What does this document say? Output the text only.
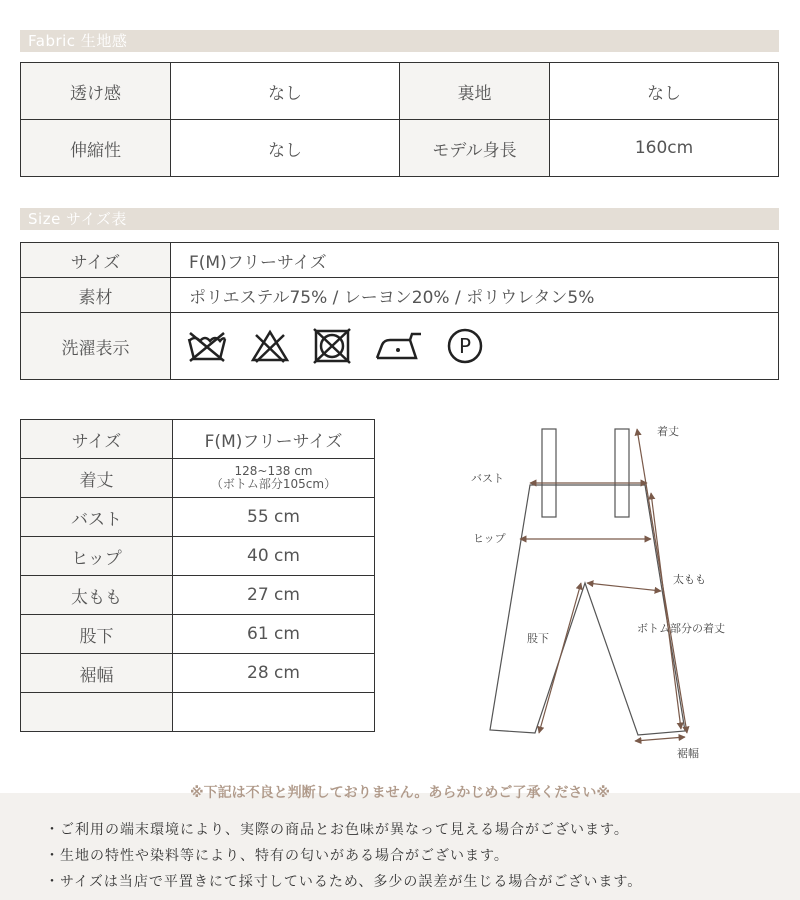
Fabric 生地感
透け感	なし	裏地	なし
伸縮性	なし	モデル身長	160cm
Size サイズ表
サイズ	F(M)フリーサイズ
素材	ポリエステル75% / レーヨン20% / ポリウレタン5%
洗濯表示	P
サイズ	F(M)フリーサイズ
着丈	128~138 cm
（ボトム部分105cm）

バスト	55 cm
ヒップ	40 cm
太もも	27 cm
股下	61 cm
裾幅	28 cm

着丈
バスト
ヒップ
太もも
股下
ボトム部分の着丈
裾幅
※下記は不良と判断しておりません。あらかじめご了承ください※
・ご利用の端末環境により、実際の商品とお色味が異なって見える場合がございます。
・生地の特性や染料等により、特有の匂いがある場合がございます。
・サイズは当店で平置きにて採寸しているため、多少の誤差が生じる場合がございます。
